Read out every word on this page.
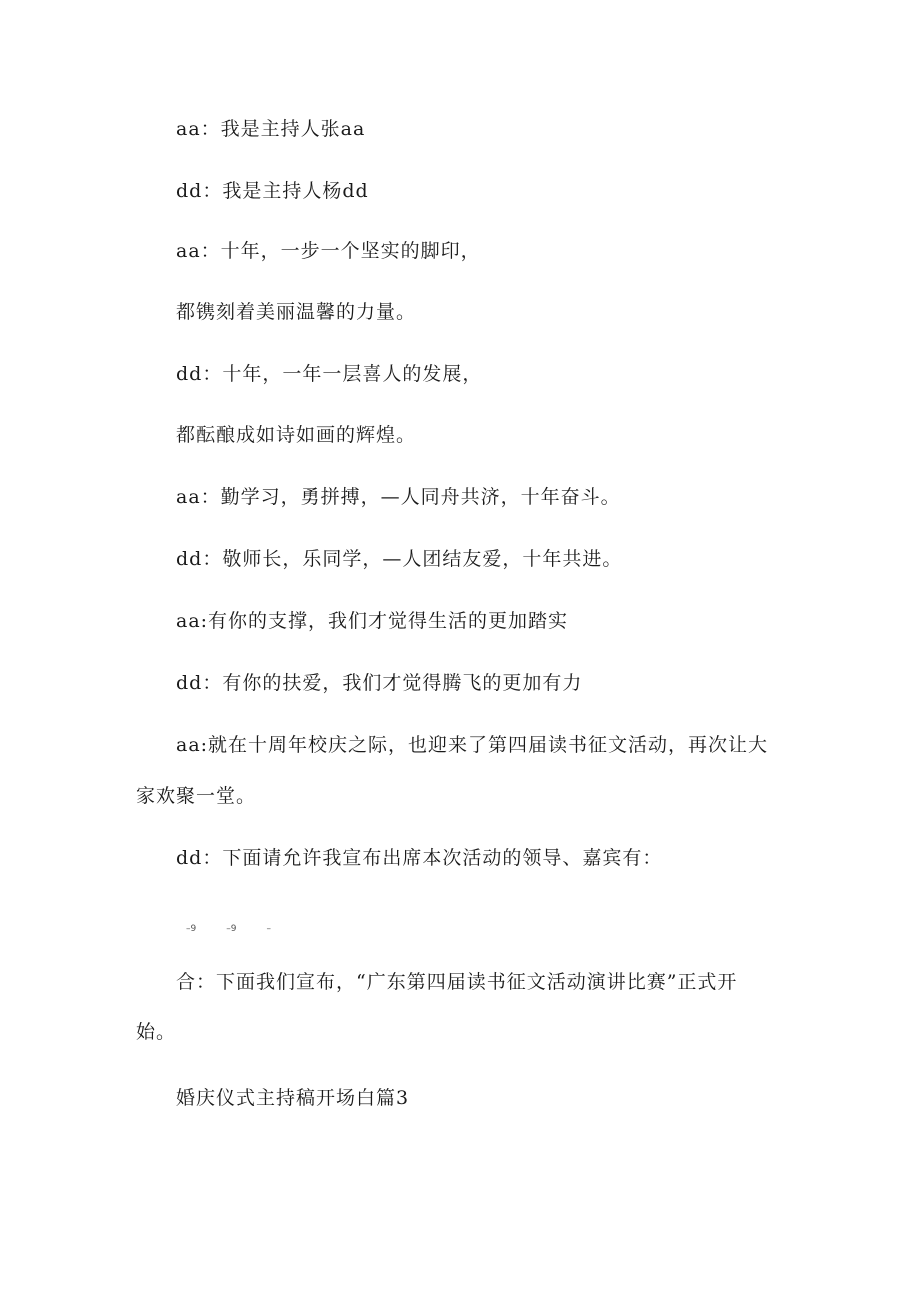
aa：我是主持人张aa
dd：我是主持人杨dd
aa：十年，一步一个坚实的脚印，
都镌刻着美丽温馨的力量。
dd：十年，一年一层喜人的发展，
都酝酿成如诗如画的辉煌。
aa：勤学习，勇拼搏，—人同舟共济，十年奋斗。
dd：敬师长，乐同学，—人团结友爱，十年共进。
aa:有你的支撑，我们才觉得生活的更加踏实
dd：有你的扶爱，我们才觉得腾飞的更加有力
aa:就在十周年校庆之际，也迎来了第四届读书征文活动，再次让大
家欢聚一堂。
dd：下面请允许我宣布出席本次活动的领导、嘉宾有：
–9	–9	–
合：下面我们宣布，“广东第四届读书征文活动演讲比赛”正式开
始。
婚庆仪式主持稿开场白篇3
